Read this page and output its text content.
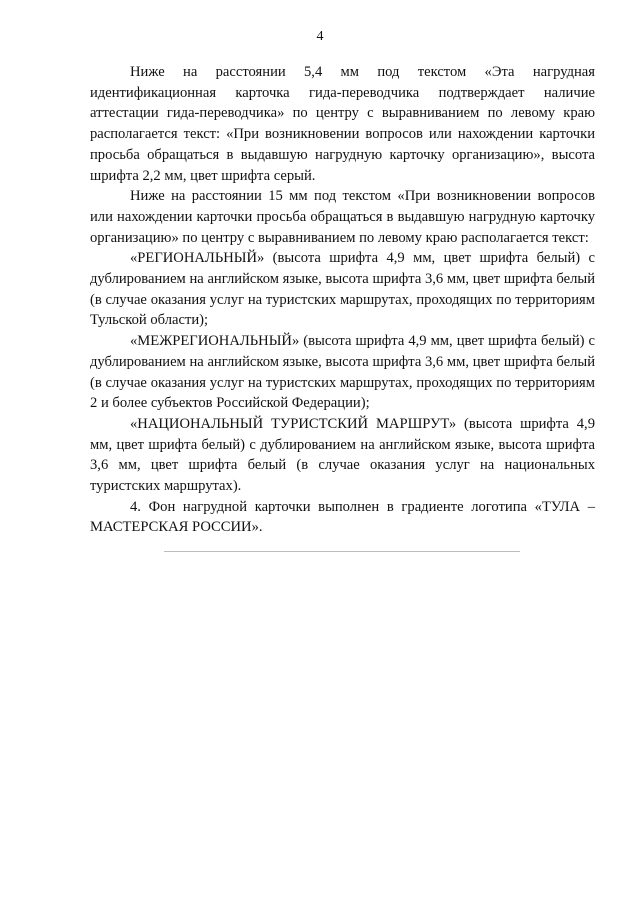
4

Ниже на расстоянии 5,4 мм под текстом «Эта нагрудная идентификационная карточка гида-переводчика подтверждает наличие аттестации гида-переводчика» по центру с выравниванием по левому краю располагается текст: «При возникновении вопросов или нахождении карточки просьба обращаться в выдавшую нагрудную карточку организацию», высота шрифта 2,2 мм, цвет шрифта серый.

Ниже на расстоянии 15 мм под текстом «При возникновении вопросов или нахождении карточки просьба обращаться в выдавшую нагрудную карточку организацию» по центру с выравниванием по левому краю располагается текст:

«РЕГИОНАЛЬНЫЙ» (высота шрифта 4,9 мм, цвет шрифта белый) с дублированием на английском языке, высота шрифта 3,6 мм, цвет шрифта белый (в случае оказания услуг на туристских маршрутах, проходящих по территориям Тульской области);

«МЕЖРЕГИОНАЛЬНЫЙ» (высота шрифта 4,9 мм, цвет шрифта белый) с дублированием на английском языке, высота шрифта 3,6 мм, цвет шрифта белый (в случае оказания услуг на туристских маршрутах, проходящих по территориям 2 и более субъектов Российской Федерации);

«НАЦИОНАЛЬНЫЙ ТУРИСТСКИЙ МАРШРУТ» (высота шрифта 4,9 мм, цвет шрифта белый) с дублированием на английском языке, высота шрифта 3,6 мм, цвет шрифта белый (в случае оказания услуг на национальных туристских маршрутах).

4. Фон нагрудной карточки выполнен в градиенте логотипа «ТУЛА – МАСТЕРСКАЯ РОССИИ».
